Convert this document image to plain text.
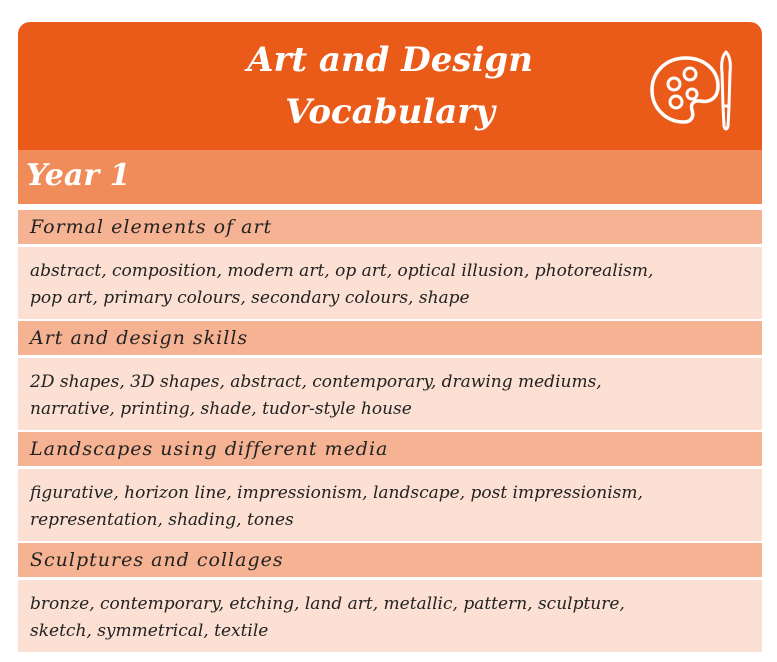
Art and Design
Vocabulary
Year 1
Formal elements of art
abstract, composition, modern art, op art, optical illusion, photorealism,
pop art, primary colours, secondary colours, shape
Art and design skills
2D shapes, 3D shapes, abstract, contemporary, drawing mediums,
narrative, printing, shade, tudor-style house
Landscapes using different media
figurative, horizon line, impressionism, landscape, post impressionism,
representation, shading, tones
Sculptures and collages
bronze, contemporary, etching, land art, metallic, pattern, sculpture,
sketch, symmetrical, textile
